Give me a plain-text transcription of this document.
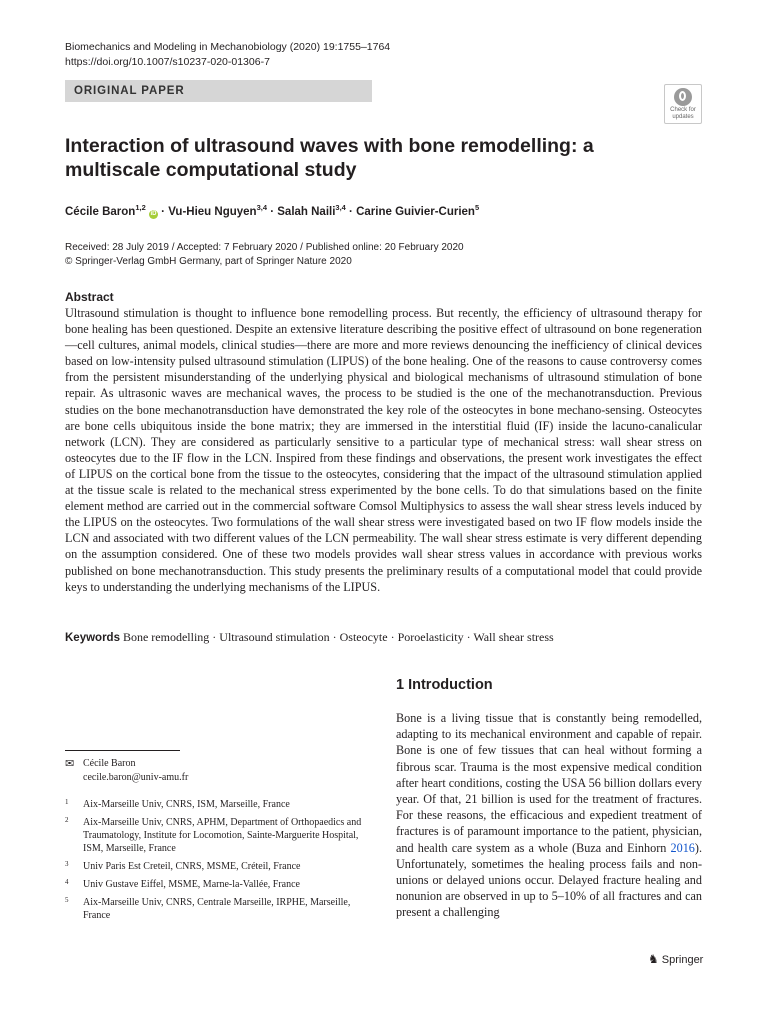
Biomechanics and Modeling in Mechanobiology (2020) 19:1755–1764
https://doi.org/10.1007/s10237-020-01306-7
ORIGINAL PAPER
Check for
updates
Interaction of ultrasound waves with bone remodelling: a multiscale computational study
Cécile Baron$^{1,2}$ iD · Vu‑Hieu Nguyen$^{3,4}$ · Salah Naili$^{3,4}$ · Carine Guivier‑Curien$^5$
Received: 28 July 2019 / Accepted: 7 February 2020 / Published online: 20 February 2020
© Springer-Verlag GmbH Germany, part of Springer Nature 2020
Abstract

Ultrasound stimulation is thought to influence bone remodelling process. But recently, the efficiency of ultrasound therapy for bone healing has been questioned. Despite an extensive literature describing the positive effect of ultrasound on bone regeneration—cell cultures, animal models, clinical studies—there are more and more reviews denouncing the inefficiency of clinical devices based on low-intensity pulsed ultrasound stimulation (LIPUS) of the bone healing. One of the reasons to cause controversy comes from the persistent misunderstanding of the underlying physical and biological mechanisms of ultrasound stimulation of bone repair. As ultrasonic waves are mechanical waves, the process to be studied is the one of the mechanotransduction. Previous studies on the bone mechanotransduction have demonstrated the key role of the osteocytes in bone mechano-sensing. Osteocytes are bone cells ubiquitous inside the bone matrix; they are immersed in the interstitial fluid (IF) inside the lacuno-canalicular network (LCN). They are considered as particularly sensitive to a particular type of mechanical stress: wall shear stress on osteocytes due to the IF flow in the LCN. Inspired from these findings and observations, the present work investigates the effect of LIPUS on the cortical bone from the tissue to the osteocytes, considering that the impact of the ultrasound stimulation applied at the tissue scale is related to the mechanical stress experimented by the bone cells. To do that simulations based on the finite element method are carried out in the commercial software Comsol Multiphysics to assess the wall shear stress levels induced by the LIPUS on the osteocytes. Two formulations of the wall shear stress were investigated based on two IF flow models inside the LCN and associated with two different values of the LCN permeability. The wall shear stress estimate is very different depending on the assumption considered. One of these two models provides wall shear stress values in accordance with previous works published on bone mechanotransduction. This study presents the preliminary results of a computational model that could provide keys to understanding the underlying mechanisms of the LIPUS.

Keywords Bone remodelling · Ultrasound stimulation · Osteocyte · Poroelasticity · Wall shear stress
1 Introduction

Bone is a living tissue that is constantly being remodelled, adapting to its mechanical environment and capable of repair. Bone is one of few tissues that can heal without forming a fibrous scar. Trauma is the most expensive medical condition after heart conditions, costing the USA 56 billion dollars every year. Of that, 21 billion is used for the treatment of fractures. For these reasons, the efficacious and expedient treatment of fractures is of paramount importance to the patient, physician, and health care system as a whole (Buza and Einhorn 2016). Unfortunately, sometimes the healing process fails and non-unions or delayed unions occur. Delayed fracture healing and nonunion are observed in up to 5–10% of all fractures and can present a challenging

✉ Cécile Baron
cecile.baron@univ-amu.fr
1	Aix-Marseille Univ, CNRS, ISM, Marseille, France
2	Aix-Marseille Univ, CNRS, APHM, Department of Orthopaedics and Traumatology, Institute for Locomotion, Sainte-Marguerite Hospital, ISM, Marseille, France
3	Univ Paris Est Creteil, CNRS, MSME, Créteil, France
4	Univ Gustave Eiffel, MSME, Marne-la-Vallée, France
5	Aix-Marseille Univ, CNRS, Centrale Marseille, IRPHE, Marseille, France
♞ Springer
